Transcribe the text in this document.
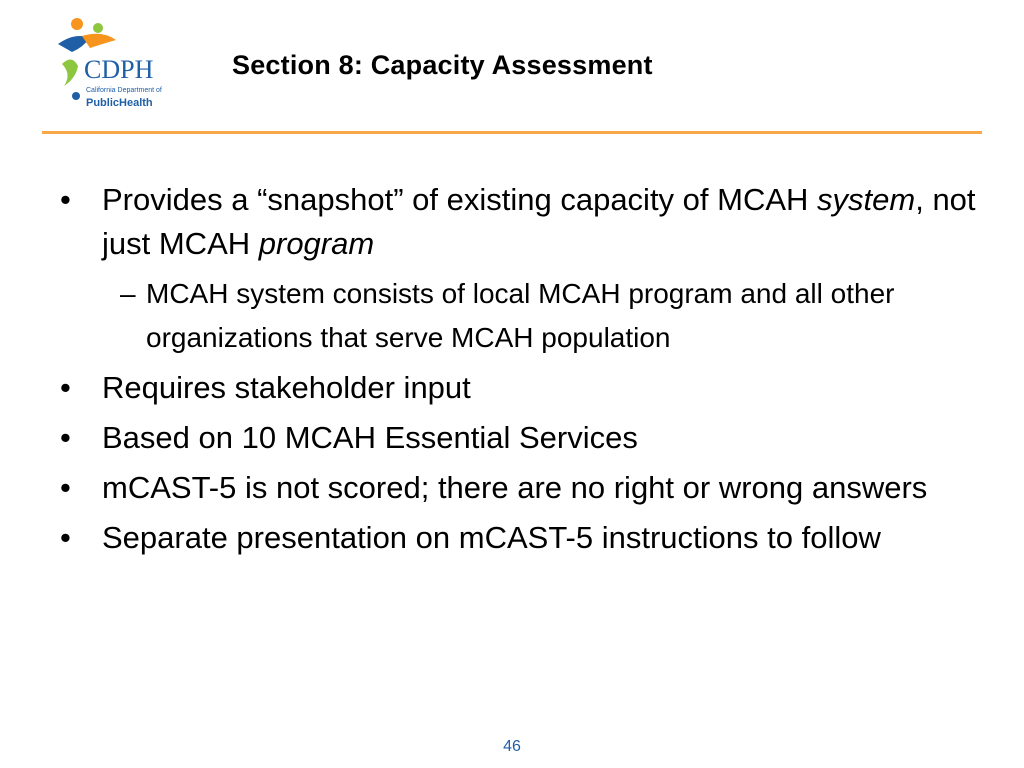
CDPH
California Department of
PublicHealth
Section 8: Capacity Assessment
• Provides a “snapshot” of existing capacity of MCAH system, not just MCAH program
– MCAH system consists of local MCAH program and all other organizations that serve MCAH population
• Requires stakeholder input
• Based on 10 MCAH Essential Services
• mCAST-5 is not scored; there are no right or wrong answers
• Separate presentation on mCAST-5 instructions to follow
46
